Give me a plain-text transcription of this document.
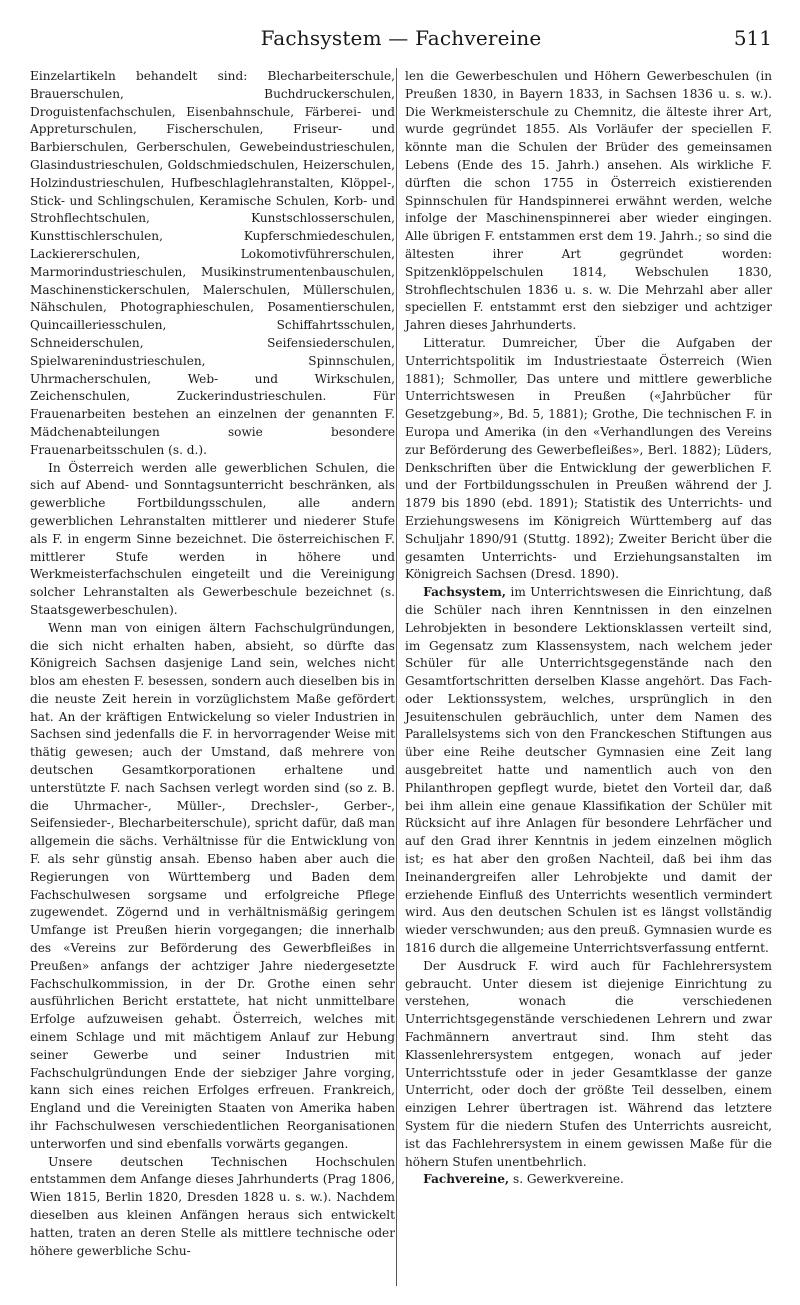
Fachsystem — Fachvereine	511

Einzelartikeln behandelt sind: Blecharbeiterschule, Brauerschulen, Buchdruckerschulen, Droguistenfachschulen, Eisenbahnschule, Färberei- und Appreturschulen, Fischerschulen, Friseur- und Barbierschulen, Gerberschulen, Gewebeindustrieschulen, Glasindustrieschulen, Goldschmiedschulen, Heizerschulen, Holzindustrieschulen, Hufbeschlaglehranstalten, Klöppel-, Stick- und Schlingschulen, Keramische Schulen, Korb- und Strohflechtschulen, Kunstschlosserschulen, Kunsttischlerschulen, Kupferschmiedeschulen, Lackiererschulen, Lokomotivführerschulen, Marmorindustrieschulen, Musikinstrumentenbauschulen, Maschinenstickerschulen, Malerschulen, Müllerschulen, Nähschulen, Photographieschulen, Posamentierschulen, Quincailleriesschulen, Schiffahrtsschulen, Schneiderschulen, Seifensiederschulen, Spielwarenindustrieschulen, Spinnschulen, Uhrmacherschulen, Web- und Wirkschulen, Zeichenschulen, Zuckerindustrieschulen. Für Frauenarbeiten bestehen an einzelnen der genannten F. Mädchenabteilungen sowie besondere Frauenarbeitsschulen (s. d.).

In Österreich werden alle gewerblichen Schulen, die sich auf Abend- und Sonntagsunterricht beschränken, als gewerbliche Fortbildungsschulen, alle andern gewerblichen Lehranstalten mittlerer und niederer Stufe als F. in engerm Sinne bezeichnet. Die österreichischen F. mittlerer Stufe werden in höhere und Werkmeisterfachschulen eingeteilt und die Vereinigung solcher Lehranstalten als Gewerbeschule bezeichnet (s. Staatsgewerbeschulen).

Wenn man von einigen ältern Fachschulgründungen, die sich nicht erhalten haben, absieht, so dürfte das Königreich Sachsen dasjenige Land sein, welches nicht blos am ehesten F. besessen, sondern auch dieselben bis in die neuste Zeit herein in vorzüglichstem Maße gefördert hat. An der kräftigen Entwickelung so vieler Industrien in Sachsen sind jedenfalls die F. in hervorragender Weise mit thätig gewesen; auch der Umstand, daß mehrere von deutschen Gesamtkorporationen erhaltene und unterstützte F. nach Sachsen verlegt worden sind (so z. B. die Uhrmacher-, Müller-, Drechsler-, Gerber-, Seifensieder-, Blecharbeiterschule), spricht dafür, daß man allgemein die sächs. Verhältnisse für die Entwicklung von F. als sehr günstig ansah. Ebenso haben aber auch die Regierungen von Württemberg und Baden dem Fachschulwesen sorgsame und erfolgreiche Pflege zugewendet. Zögernd und in verhältnismäßig geringem Umfange ist Preußen hierin vorgegangen; die innerhalb des «Vereins zur Beförderung des Gewerbfleißes in Preußen» anfangs der achtziger Jahre niedergesetzte Fachschulkommission, in der Dr. Grothe einen sehr ausführlichen Bericht erstattete, hat nicht unmittelbare Erfolge aufzuweisen gehabt. Österreich, welches mit einem Schlage und mit mächtigem Anlauf zur Hebung seiner Gewerbe und seiner Industrien mit Fachschulgründungen Ende der siebziger Jahre vorging, kann sich eines reichen Erfolges erfreuen. Frankreich, England und die Vereinigten Staaten von Amerika haben ihr Fachschulwesen verschiedentlichen Reorganisationen unterworfen und sind ebenfalls vorwärts gegangen.

Unsere deutschen Technischen Hochschulen entstammen dem Anfange dieses Jahrhunderts (Prag 1806, Wien 1815, Berlin 1820, Dresden 1828 u. s. w.). Nachdem dieselben aus kleinen Anfängen heraus sich entwickelt hatten, traten an deren Stelle als mittlere technische oder höhere gewerbliche Schu-

len die Gewerbeschulen und Höhern Gewerbeschulen (in Preußen 1830, in Bayern 1833, in Sachsen 1836 u. s. w.). Die Werkmeisterschule zu Chemnitz, die älteste ihrer Art, wurde gegründet 1855. Als Vorläufer der speciellen F. könnte man die Schulen der Brüder des gemeinsamen Lebens (Ende des 15. Jahrh.) ansehen. Als wirkliche F. dürften die schon 1755 in Österreich existierenden Spinnschulen für Handspinnerei erwähnt werden, welche infolge der Maschinenspinnerei aber wieder eingingen. Alle übrigen F. entstammen erst dem 19. Jahrh.; so sind die ältesten ihrer Art gegründet worden: Spitzenklöppelschulen 1814, Webschulen 1830, Strohflechtschulen 1836 u. s. w. Die Mehrzahl aber aller speciellen F. entstammt erst den siebziger und achtziger Jahren dieses Jahrhunderts.

Litteratur. Dumreicher, Über die Aufgaben der Unterrichtspolitik im Industriestaate Österreich (Wien 1881); Schmoller, Das untere und mittlere gewerbliche Unterrichtswesen in Preußen («Jahrbücher für Gesetzgebung», Bd. 5, 1881); Grothe, Die technischen F. in Europa und Amerika (in den «Verhandlungen des Vereins zur Beförderung des Gewerbefleißes», Berl. 1882); Lüders, Denkschriften über die Entwicklung der gewerblichen F. und der Fortbildungsschulen in Preußen während der J. 1879 bis 1890 (ebd. 1891); Statistik des Unterrichts- und Erziehungswesens im Königreich Württemberg auf das Schuljahr 1890/91 (Stuttg. 1892); Zweiter Bericht über die gesamten Unterrichts- und Erziehungsanstalten im Königreich Sachsen (Dresd. 1890).

Fachsystem, im Unterrichtswesen die Einrichtung, daß die Schüler nach ihren Kenntnissen in den einzelnen Lehrobjekten in besondere Lektionsklassen verteilt sind, im Gegensatz zum Klassensystem, nach welchem jeder Schüler für alle Unterrichtsgegenstände nach den Gesamtfortschritten derselben Klasse angehört. Das Fach- oder Lektionssystem, welches, ursprünglich in den Jesuitenschulen gebräuchlich, unter dem Namen des Parallelsystems sich von den Franckeschen Stiftungen aus über eine Reihe deutscher Gymnasien eine Zeit lang ausgebreitet hatte und namentlich auch von den Philanthropen gepflegt wurde, bietet den Vorteil dar, daß bei ihm allein eine genaue Klassifikation der Schüler mit Rücksicht auf ihre Anlagen für besondere Lehrfächer und auf den Grad ihrer Kenntnis in jedem einzelnen möglich ist; es hat aber den großen Nachteil, daß bei ihm das Ineinandergreifen aller Lehrobjekte und damit der erziehende Einfluß des Unterrichts wesentlich vermindert wird. Aus den deutschen Schulen ist es längst vollständig wieder verschwunden; aus den preuß. Gymnasien wurde es 1816 durch die allgemeine Unterrichtsverfassung entfernt.

Der Ausdruck F. wird auch für Fachlehrersystem gebraucht. Unter diesem ist diejenige Einrichtung zu verstehen, wonach die verschiedenen Unterrichtsgegenstände verschiedenen Lehrern und zwar Fachmännern anvertraut sind. Ihm steht das Klassenlehrersystem entgegen, wonach auf jeder Unterrichtsstufe oder in jeder Gesamtklasse der ganze Unterricht, oder doch der größte Teil desselben, einem einzigen Lehrer übertragen ist. Während das letztere System für die niedern Stufen des Unterrichts ausreicht, ist das Fachlehrersystem in einem gewissen Maße für die höhern Stufen unentbehrlich.

Fachvereine, s. Gewerkvereine.
